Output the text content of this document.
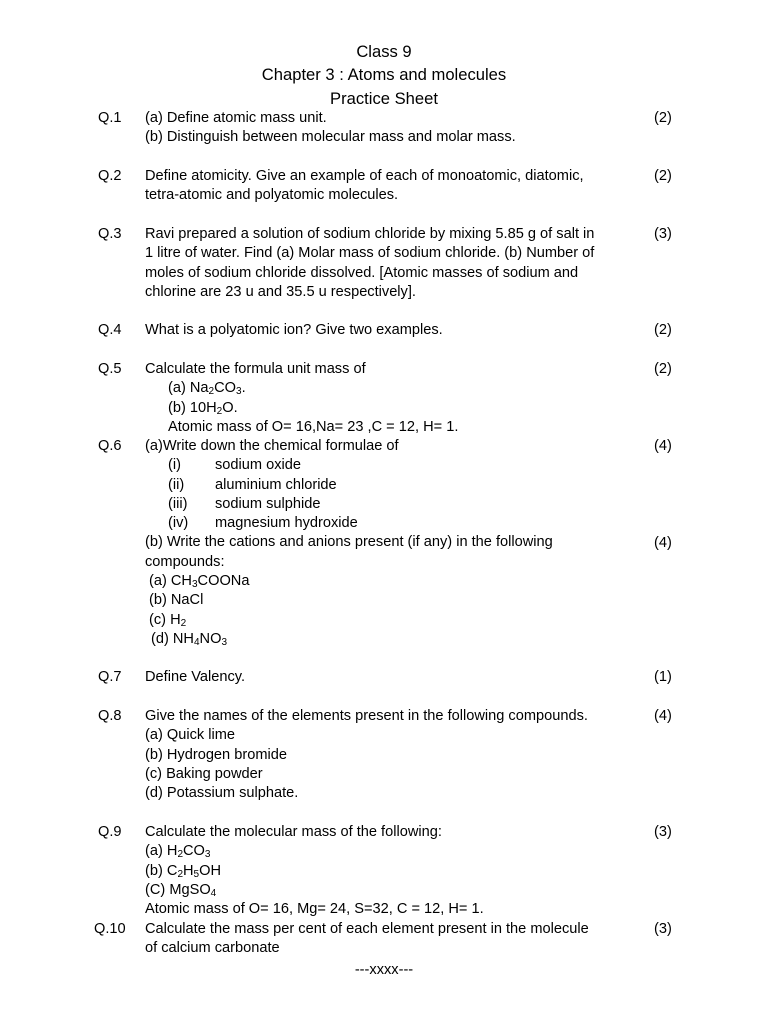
Class 9
Chapter 3 : Atoms and molecules
Practice Sheet
Q.1 (a) Define atomic mass unit.
(b) Distinguish between molecular mass and molar mass.
(2)
Q.2 Define atomicity. Give an example of each of monoatomic, diatomic,
tetra-atomic and polyatomic molecules.
(2)
Q.3 Ravi prepared a solution of sodium chloride by mixing 5.85 g of salt in
1 litre of water. Find (a) Molar mass of sodium chloride. (b) Number of
moles of sodium chloride dissolved. [Atomic masses of sodium and
chlorine are 23 u and 35.5 u respectively].
(3)
Q.4 What is a polyatomic ion? Give two examples.	(2)
Q.5 Calculate the formula unit mass of
(a) $Na_2CO_3$.
(b) $10H_2O$.
Atomic mass of O= 16,Na= 23 ,C = 12, H= 1.
(2)
Q.6 (a)Write down the chemical formulae of
(i) sodium oxide
(ii) aluminium chloride
(iii) sodium sulphide
(iv) magnesium hydroxide
(b) Write the cations and anions present (if any) in the following
compounds:
(a) $CH_3COONa$
(b) NaCl
(c) $H_2$
(d) $NH_4NO_3$
(4)
(4)
Q.7 Define Valency.	(1)
Q.8 Give the names of the elements present in the following compounds.
(a) Quick lime
(b) Hydrogen bromide
(c) Baking powder
(d) Potassium sulphate.
(4)
Q.9 Calculate the molecular mass of the following:
(a) $H_2CO_3$
(b) $C_2H_5OH$
(C) MgSO$_4$
Atomic mass of O= 16, Mg= 24, S=32, C = 12, H= 1.
(3)
Q.10 Calculate the mass per cent of each element present in the molecule
of calcium carbonate
(3)
---xxxx---
